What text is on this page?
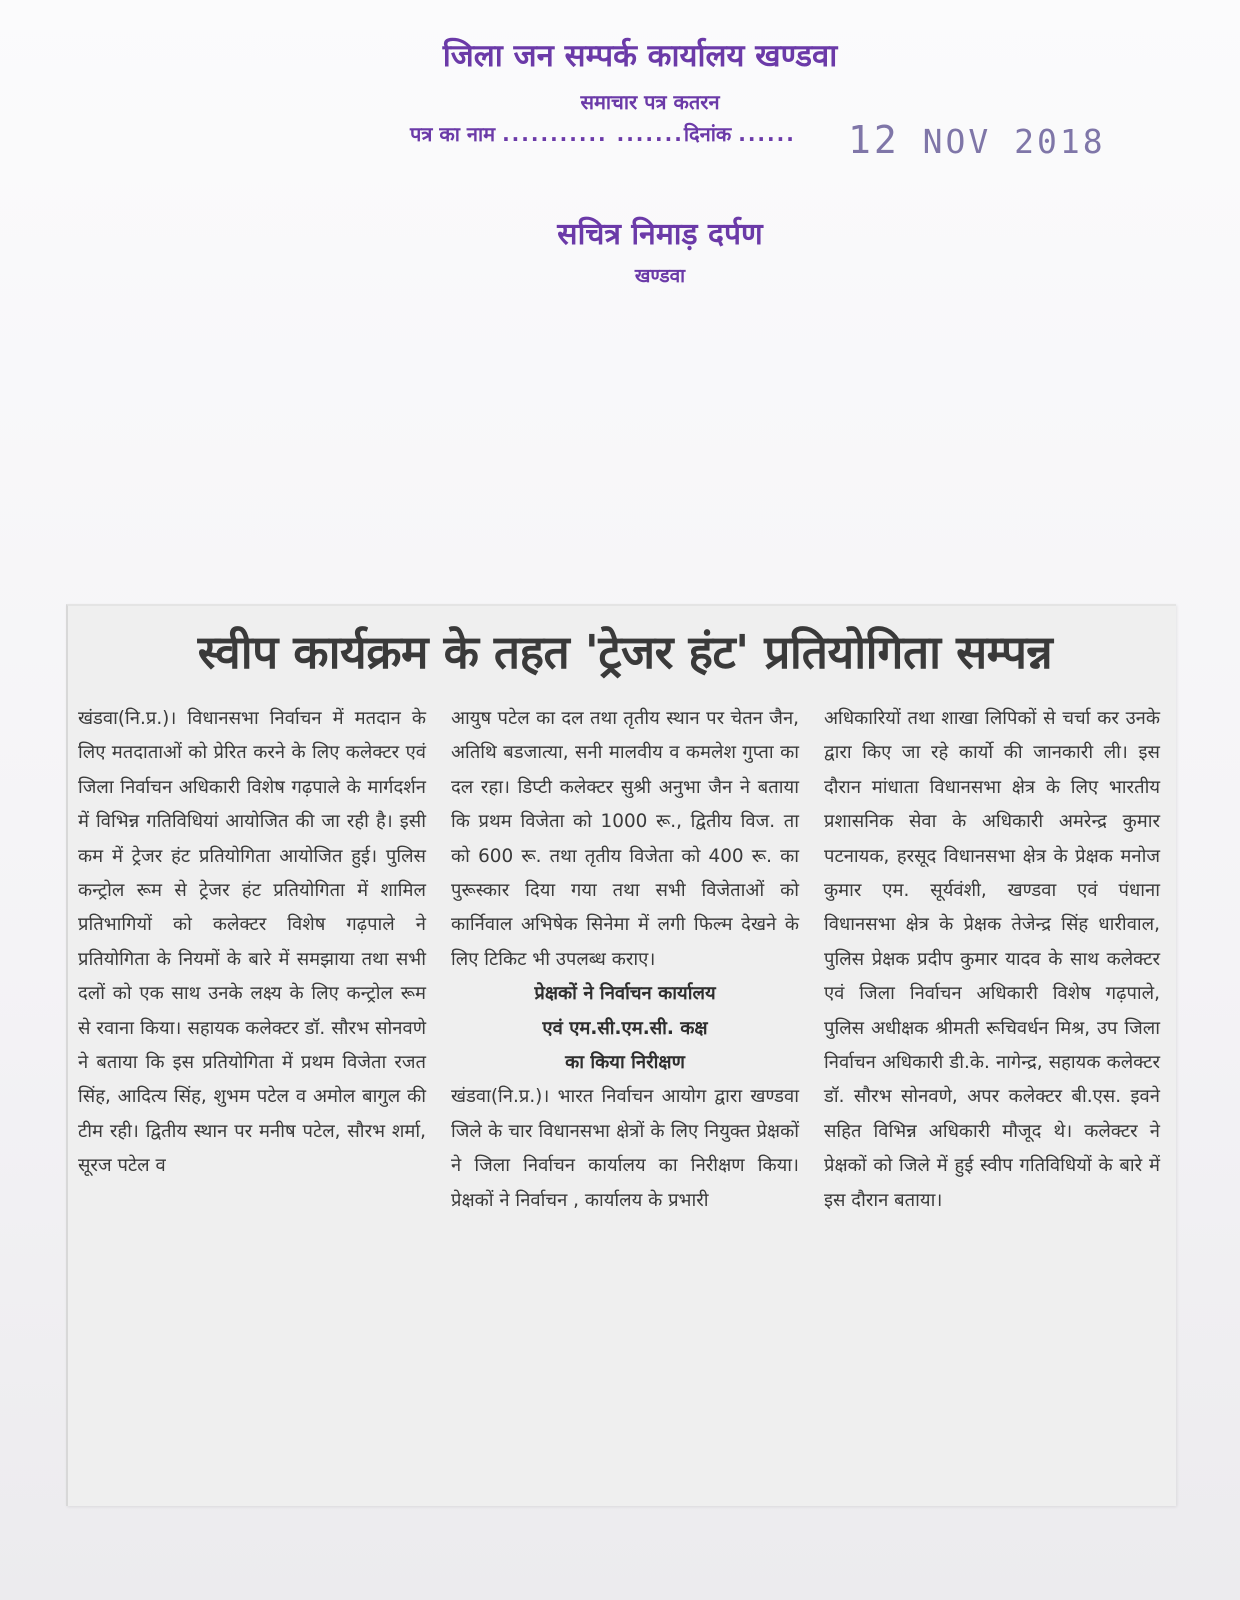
जिला जन सम्पर्क कार्यालय खण्डवा
समाचार पत्र कतरन
पत्र का नाम ........... .......दिनांक ...... 12 NOV 2018
सचित्र निमाड़ दर्पण
खण्डवा
स्वीप कार्यक्रम के तहत 'ट्रेजर हंट' प्रतियोगिता सम्पन्न

खंडवा(नि.प्र.)। विधानसभा निर्वाचन में मतदान के लिए मतदाताओं को प्रेरित करने के लिए कलेक्टर एवं जिला निर्वाचन अधिकारी विशेष गढ़पाले के मार्गदर्शन में विभिन्न गतिविधियां आयोजित की जा रही है। इसी कम में ट्रेजर हंट प्रतियोगिता आयोजित हुई। पुलिस कन्ट्रोल रूम से ट्रेजर हंट प्रतियोगिता में शामिल प्रतिभागियों को कलेक्टर विशेष गढ़पाले ने प्रतियोगिता के नियमों के बारे में समझाया तथा सभी दलों को एक साथ उनके लक्ष्य के लिए कन्ट्रोल रूम से रवाना किया। सहायक कलेक्टर डॉ. सौरभ सोनवणे ने बताया कि इस प्रतियोगिता में प्रथम विजेता रजत सिंह, आदित्य सिंह, शुभम पटेल व अमोल बागुल की टीम रही। द्वितीय स्थान पर मनीष पटेल, सौरभ शर्मा, सूरज पटेल व

आयुष पटेल का दल तथा तृतीय स्थान पर चेतन जैन, अतिथि बडजात्या, सनी मालवीय व कमलेश गुप्ता का दल रहा। डिप्टी कलेक्टर सुश्री अनुभा जैन ने बताया कि प्रथम विजेता को 1000 रू., द्वितीय विज. ता को 600 रू. तथा तृतीय विजेता को 400 रू. का पुरूस्कार दिया गया तथा सभी विजेताओं को कार्निवाल अभिषेक सिनेमा में लगी फिल्म देखने के लिए टिकिट भी उपलब्ध कराए।

प्रेक्षकों ने निर्वाचन कार्यालय
एवं एम.सी.एम.सी. कक्ष
का किया निरीक्षण

खंडवा(नि.प्र.)। भारत निर्वाचन आयोग द्वारा खण्डवा जिले के चार विधानसभा क्षेत्रों के लिए नियुक्त प्रेक्षकों ने जिला निर्वाचन कार्यालय का निरीक्षण किया। प्रेक्षकों ने निर्वाचन , कार्यालय के प्रभारी

अधिकारियों तथा शाखा लिपिकों से चर्चा कर उनके द्वारा किए जा रहे कार्यो की जानकारी ली। इस दौरान मांधाता विधानसभा क्षेत्र के लिए भारतीय प्रशासनिक सेवा के अधिकारी अमरेन्द्र कुमार पटनायक, हरसूद विधानसभा क्षेत्र के प्रेक्षक मनोज कुमार एम. सूर्यवंशी, खण्डवा एवं पंधाना विधानसभा क्षेत्र के प्रेक्षक तेजेन्द्र सिंह धारीवाल, पुलिस प्रेक्षक प्रदीप कुमार यादव के साथ कलेक्टर एवं जिला निर्वाचन अधिकारी विशेष गढ़पाले, पुलिस अधीक्षक श्रीमती रूचिवर्धन मिश्र, उप जिला निर्वाचन अधिकारी डी.के. नागेन्द्र, सहायक कलेक्टर डॉ. सौरभ सोनवणे, अपर कलेक्टर बी.एस. इवने सहित विभिन्न अधिकारी मौजूद थे। कलेक्टर ने प्रेक्षकों को जिले में हुई स्वीप गतिविधियों के बारे में इस दौरान बताया।
